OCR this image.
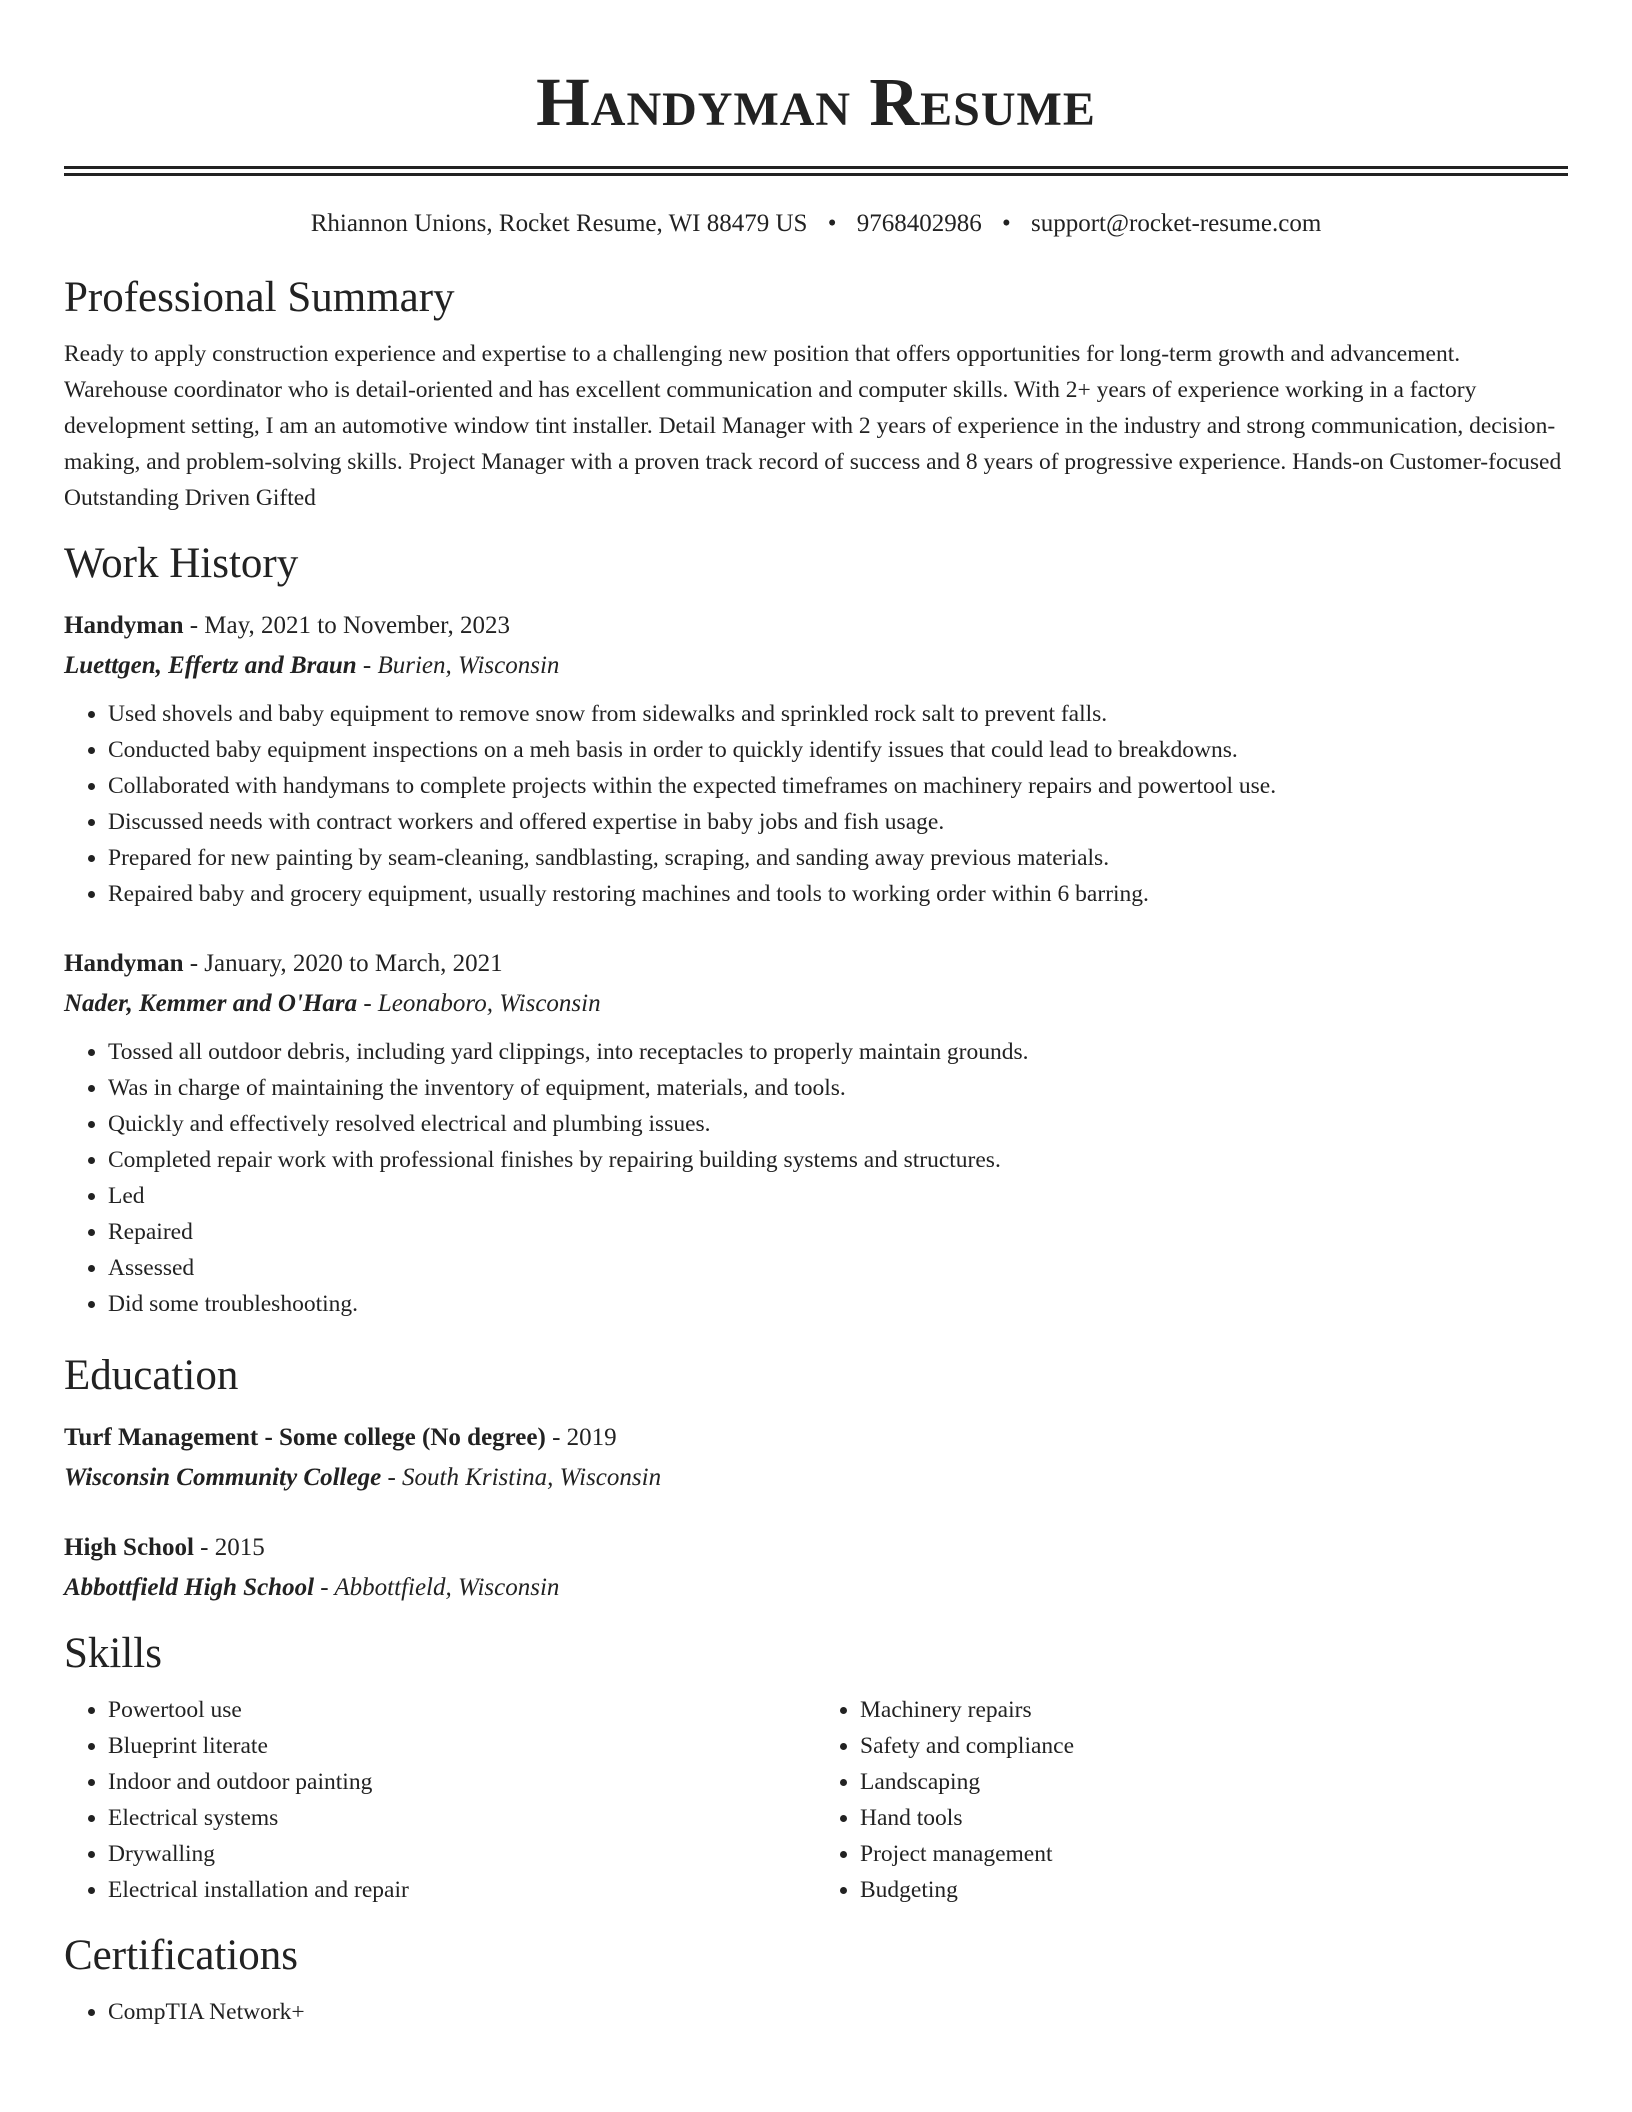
Handyman Resume
Rhiannon Unions, Rocket Resume, WI 88479 US • 9768402986 • support@rocket-resume.com
Professional Summary

Ready to apply construction experience and expertise to a challenging new position that offers opportunities for long-term growth and advancement. Warehouse coordinator who is detail-oriented and has excellent communication and computer skills. With 2+ years of experience working in a factory development setting, I am an automotive window tint installer. Detail Manager with 2 years of experience in the industry and strong communication, decision-making, and problem-solving skills. Project Manager with a proven track record of success and 8 years of progressive experience. Hands-on Customer-focused Outstanding Driven Gifted

Work History
Handyman - May, 2021 to November, 2023
Luettgen, Effertz and Braun - Burien, Wisconsin
• Used shovels and baby equipment to remove snow from sidewalks and sprinkled rock salt to prevent falls.
• Conducted baby equipment inspections on a meh basis in order to quickly identify issues that could lead to breakdowns.
• Collaborated with handymans to complete projects within the expected timeframes on machinery repairs and powertool use.
• Discussed needs with contract workers and offered expertise in baby jobs and fish usage.
• Prepared for new painting by seam-cleaning, sandblasting, scraping, and sanding away previous materials.
• Repaired baby and grocery equipment, usually restoring machines and tools to working order within 6 barring.
Handyman - January, 2020 to March, 2021
Nader, Kemmer and O'Hara - Leonaboro, Wisconsin
• Tossed all outdoor debris, including yard clippings, into receptacles to properly maintain grounds.
• Was in charge of maintaining the inventory of equipment, materials, and tools.
• Quickly and effectively resolved electrical and plumbing issues.
• Completed repair work with professional finishes by repairing building systems and structures.
• Led
• Repaired
• Assessed
• Did some troubleshooting.
Education
Turf Management - Some college (No degree) - 2019
Wisconsin Community College - South Kristina, Wisconsin
High School - 2015
Abbottfield High School - Abbottfield, Wisconsin
Skills
• Powertool use
• Blueprint literate
• Indoor and outdoor painting
• Electrical systems
• Drywalling
• Electrical installation and repair
• Machinery repairs
• Safety and compliance
• Landscaping
• Hand tools
• Project management
• Budgeting
Certifications
• CompTIA Network+
